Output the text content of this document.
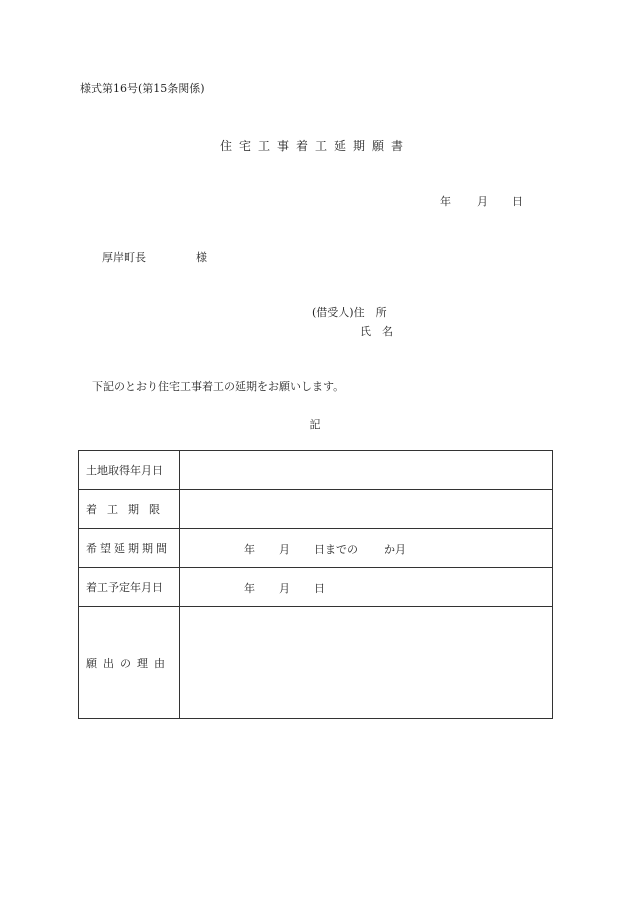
様式第16号(第15条関係)
住宅工事着工延期願書
年 月 日
厚岸町長	様
(借受人)住　所
氏　名
下記のとおり住宅工事着工の延期をお願いします。
記
土地取得年月日	
着工期限	
希望延期期間	年 月 日までの か月

着工予定年月日	年 月 日

願出の理由	
